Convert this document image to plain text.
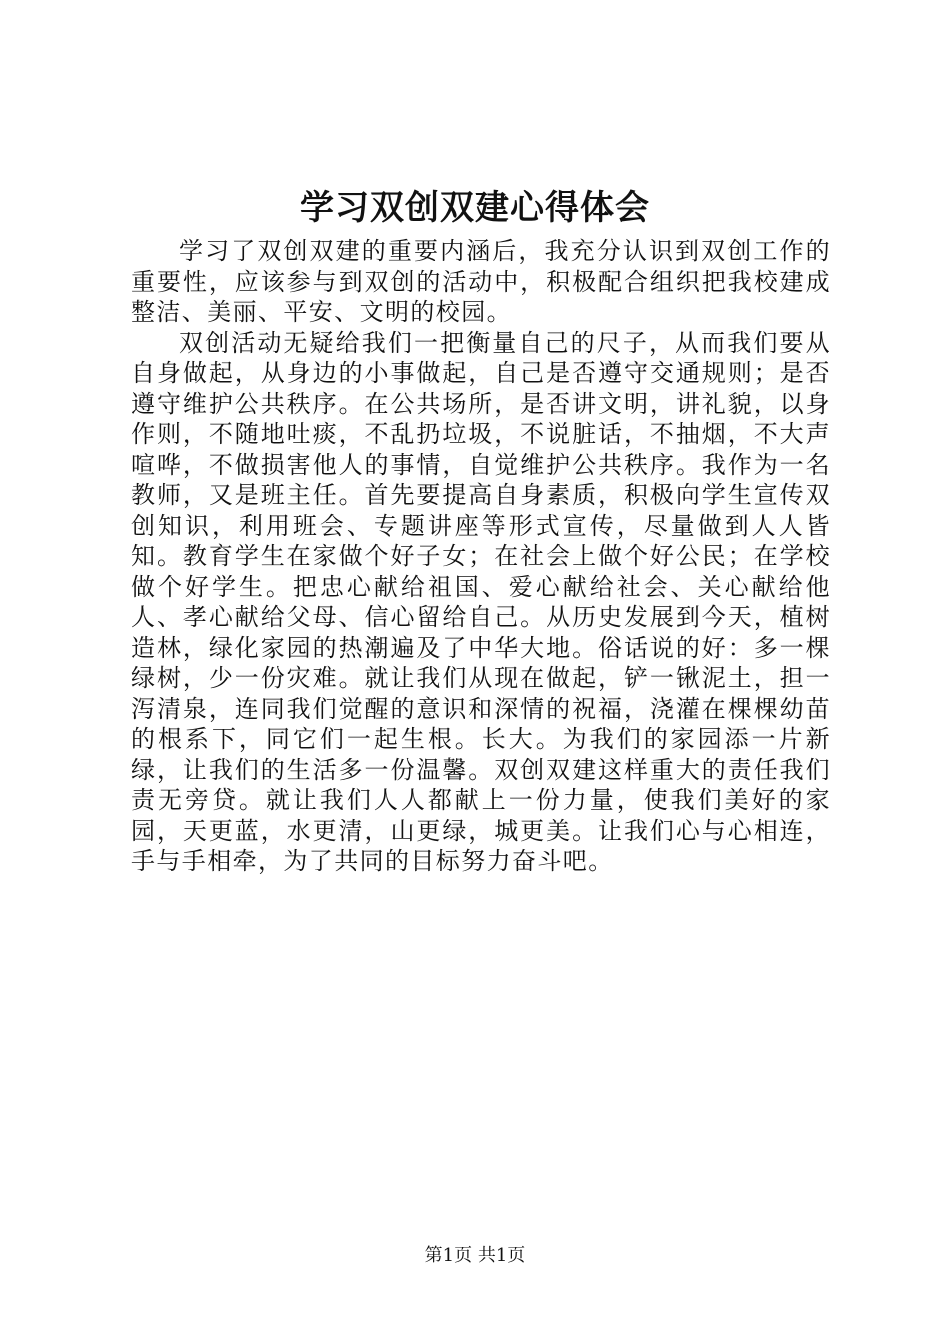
学习双创双建心得体会

学习了双创双建的重要内涵后，我充分认识到双创工作的重要性，应该参与到双创的活动中，积极配合组织把我校建成整洁、美丽、平安、文明的校园。

双创活动无疑给我们一把衡量自己的尺子，从而我们要从自身做起，从身边的小事做起，自己是否遵守交通规则；是否遵守维护公共秩序。在公共场所，是否讲文明，讲礼貌，以身作则，不随地吐痰，不乱扔垃圾，不说脏话，不抽烟，不大声喧哗，不做损害他人的事情，自觉维护公共秩序。我作为一名教师，又是班主任。首先要提高自身素质，积极向学生宣传双创知识，利用班会、专题讲座等形式宣传，尽量做到人人皆知。教育学生在家做个好子女；在社会上做个好公民；在学校做个好学生。把忠心献给祖国、爱心献给社会、关心献给他人、孝心献给父母、信心留给自己。从历史发展到今天，植树造林，绿化家园的热潮遍及了中华大地。俗话说的好：多一棵绿树，少一份灾难。就让我们从现在做起，铲一锹泥土，担一泻清泉，连同我们觉醒的意识和深情的祝福，浇灌在棵棵幼苗的根系下，同它们一起生根。长大。为我们的家园添一片新绿，让我们的生活多一份温馨。双创双建这样重大的责任我们责无旁贷。就让我们人人都献上一份力量，使我们美好的家园，天更蓝，水更清，山更绿，城更美。让我们心与心相连，手与手相牵，为了共同的目标努力奋斗吧。

第1页 共1页
